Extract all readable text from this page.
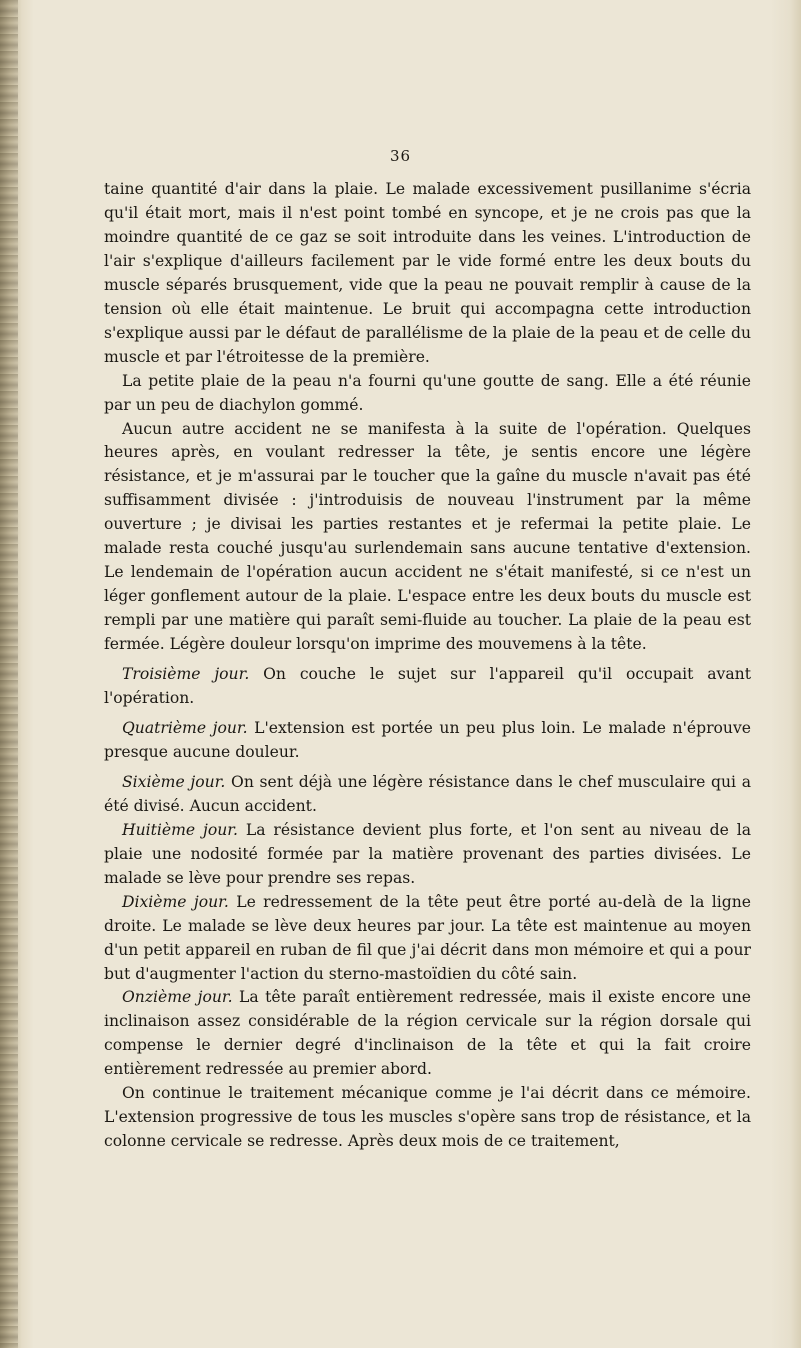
36

taine quantité d'air dans la plaie. Le malade excessivement pusillanime s'écria qu'il était mort, mais il n'est point tombé en syncope, et je ne crois pas que la moindre quantité de ce gaz se soit introduite dans les veines. L'introduction de l'air s'explique d'ailleurs facilement par le vide formé entre les deux bouts du muscle séparés brusquement, vide que la peau ne pouvait remplir à cause de la tension où elle était maintenue. Le bruit qui accompagna cette introduction s'explique aussi par le défaut de parallélisme de la plaie de la peau et de celle du muscle et par l'étroitesse de la première.

La petite plaie de la peau n'a fourni qu'une goutte de sang. Elle a été réunie par un peu de diachylon gommé.

Aucun autre accident ne se manifesta à la suite de l'opération. Quelques heures après, en voulant redresser la tête, je sentis encore une légère résistance, et je m'assurai par le toucher que la gaîne du muscle n'avait pas été suffisamment divisée : j'introduisis de nouveau l'instrument par la même ouverture ; je divisai les parties restantes et je refermai la petite plaie. Le malade resta couché jusqu'au surlendemain sans aucune tentative d'extension. Le lendemain de l'opération aucun accident ne s'était manifesté, si ce n'est un léger gonflement autour de la plaie. L'espace entre les deux bouts du muscle est rempli par une matière qui paraît semi-fluide au toucher. La plaie de la peau est fermée. Légère douleur lorsqu'on imprime des mouvemens à la tête.

Troisième jour. On couche le sujet sur l'appareil qu'il occupait avant l'opération.

Quatrième jour. L'extension est portée un peu plus loin. Le malade n'éprouve presque aucune douleur.

Sixième jour. On sent déjà une légère résistance dans le chef musculaire qui a été divisé. Aucun accident.

Huitième jour. La résistance devient plus forte, et l'on sent au niveau de la plaie une nodosité formée par la matière provenant des parties divisées. Le malade se lève pour prendre ses repas.

Dixième jour. Le redressement de la tête peut être porté au-delà de la ligne droite. Le malade se lève deux heures par jour. La tête est maintenue au moyen d'un petit appareil en ruban de fil que j'ai décrit dans mon mémoire et qui a pour but d'augmenter l'action du sterno-mastoïdien du côté sain.

Onzième jour. La tête paraît entièrement redressée, mais il existe encore une inclinaison assez considérable de la région cervicale sur la région dorsale qui compense le dernier degré d'inclinaison de la tête et qui la fait croire entièrement redressée au premier abord.

On continue le traitement mécanique comme je l'ai décrit dans ce mémoire. L'extension progressive de tous les muscles s'opère sans trop de résistance, et la colonne cervicale se redresse. Après deux mois de ce traitement,
